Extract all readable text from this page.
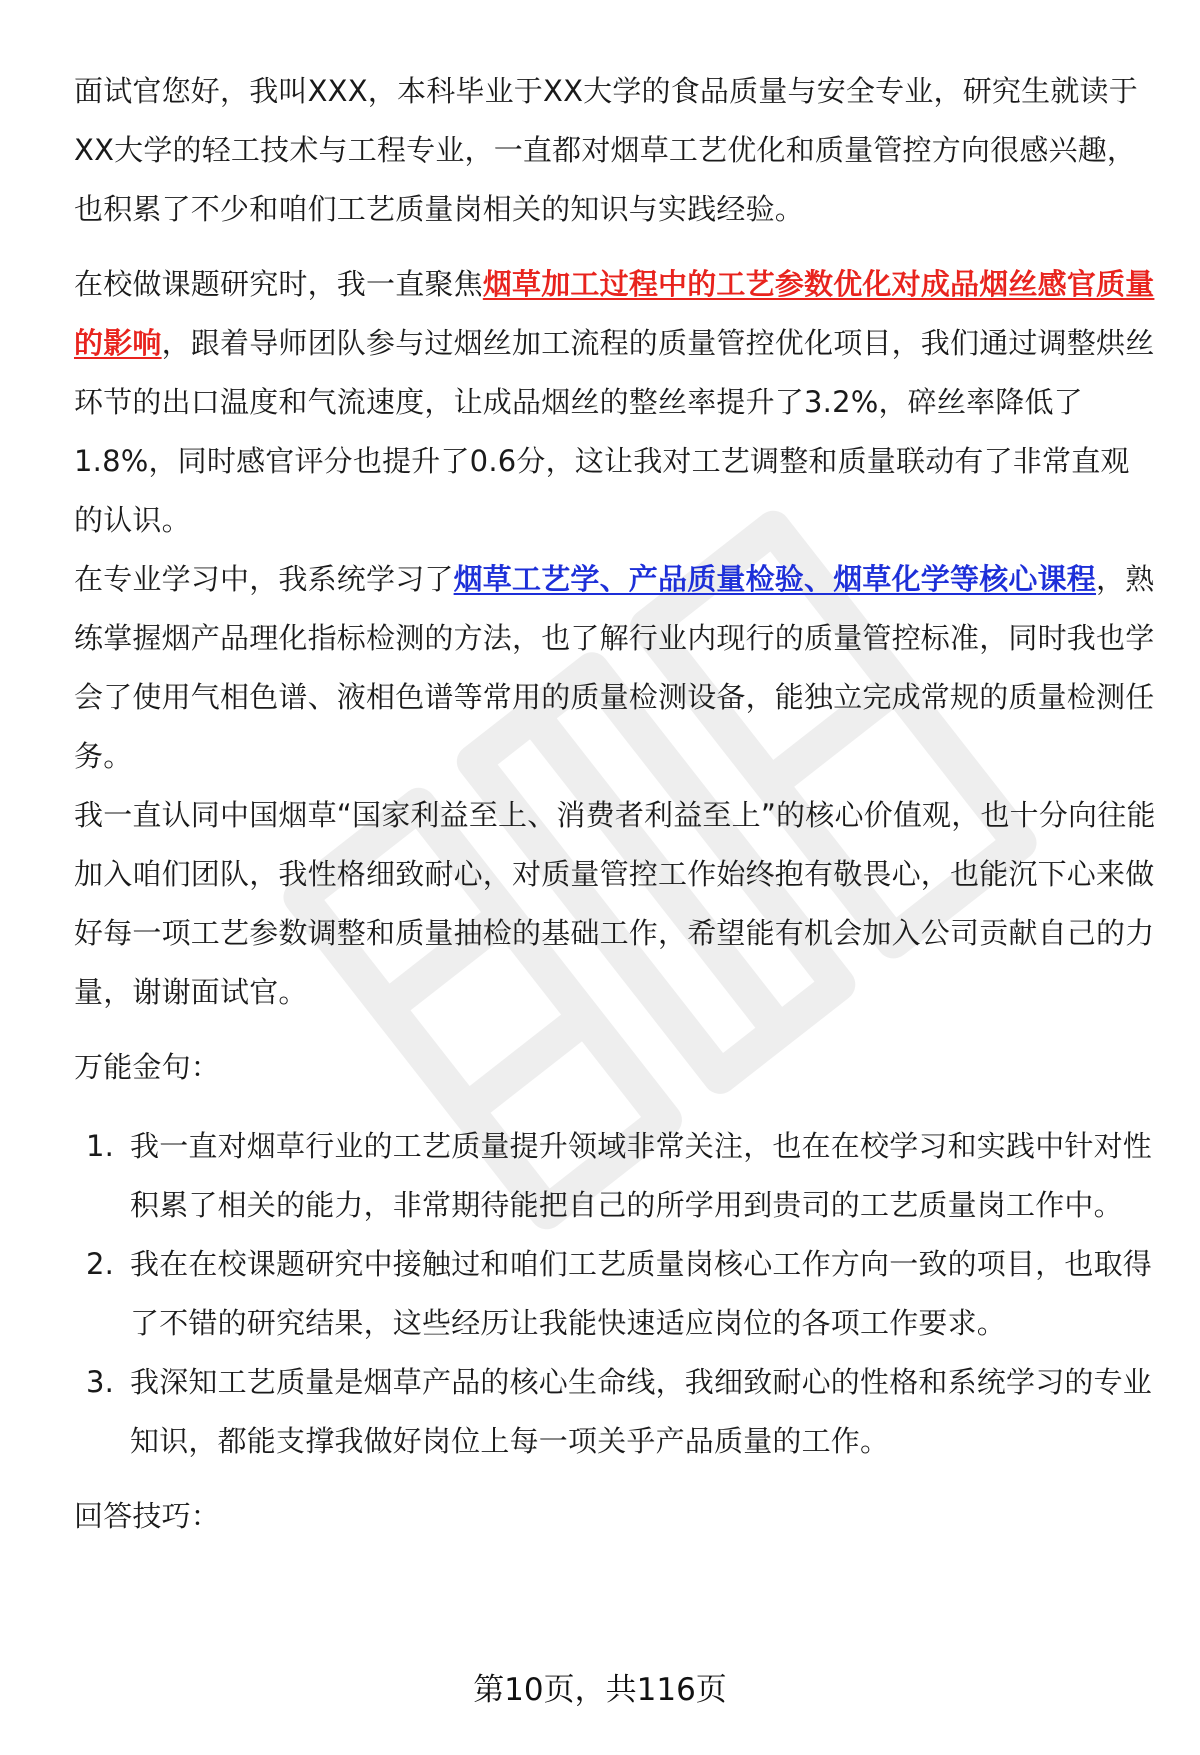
面试官您好，我叫XXX，本科毕业于XX大学的食品质量与安全专业，研究生就读于XX大学的轻工技术与工程专业，一直都对烟草工艺优化和质量管控方向很感兴趣，也积累了不少和咱们工艺质量岗相关的知识与实践经验。

在校做课题研究时，我一直聚焦烟草加工过程中的工艺参数优化对成品烟丝感官质量的影响，跟着导师团队参与过烟丝加工流程的质量管控优化项目，我们通过调整烘丝环节的出口温度和气流速度，让成品烟丝的整丝率提升了3.2%，碎丝率降低了1.8%，同时感官评分也提升了0.6分，这让我对工艺调整和质量联动有了非常直观的认识。

在专业学习中，我系统学习了烟草工艺学、产品质量检验、烟草化学等核心课程，熟练掌握烟产品理化指标检测的方法，也了解行业内现行的质量管控标准，同时我也学会了使用气相色谱、液相色谱等常用的质量检测设备，能独立完成常规的质量检测任务。

我一直认同中国烟草“国家利益至上、消费者利益至上”的核心价值观，也十分向往能加入咱们团队，我性格细致耐心，对质量管控工作始终抱有敬畏心，也能沉下心来做好每一项工艺参数调整和质量抽检的基础工作，希望能有机会加入公司贡献自己的力量，谢谢面试官。

万能金句：

1. 我一直对烟草行业的工艺质量提升领域非常关注，也在在校学习和实践中针对性积累了相关的能力，非常期待能把自己的所学用到贵司的工艺质量岗工作中。
2. 我在在校课题研究中接触过和咱们工艺质量岗核心工作方向一致的项目，也取得了不错的研究结果，这些经历让我能快速适应岗位的各项工作要求。
3. 我深知工艺质量是烟草产品的核心生命线，我细致耐心的性格和系统学习的专业知识，都能支撑我做好岗位上每一项关乎产品质量的工作。

回答技巧：

第10页，共116页
